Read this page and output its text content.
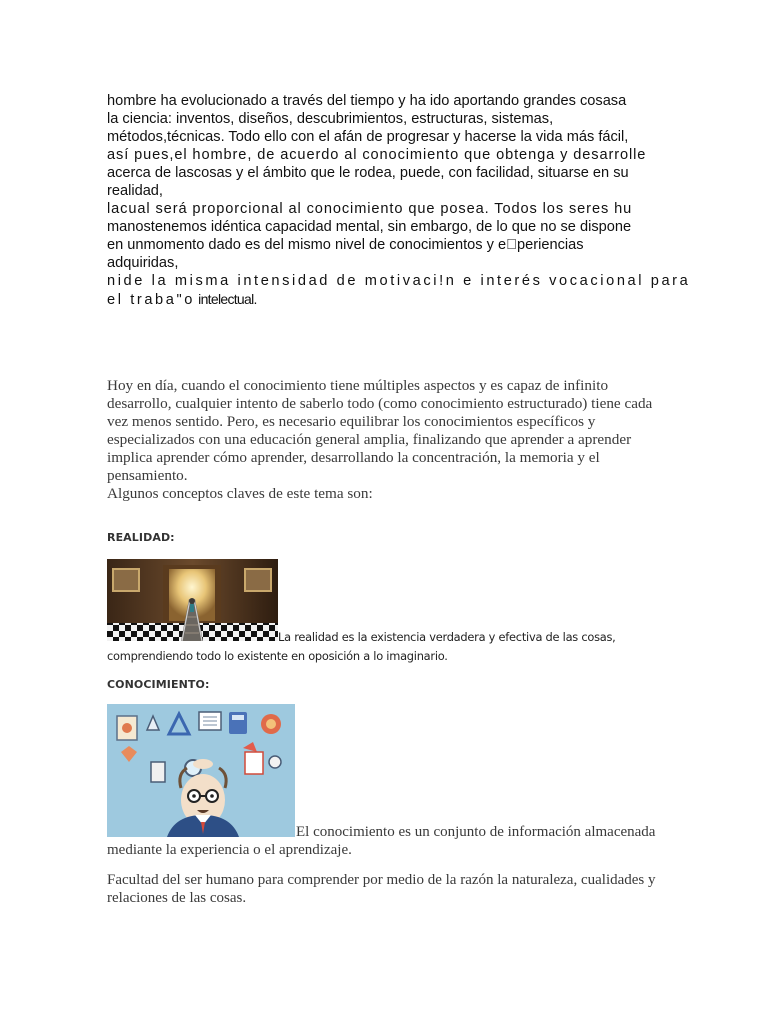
hombre ha evolucionado a través del tiempo y ha ido aportando grandes cosasa
la ciencia: inventos, diseños, descubrimientos, estructuras, sistemas,
métodos,técnicas. Todo ello con el afán de progresar y hacerse la vida más fácil,
así pues,el hombre, de acuerdo al conocimiento que obtenga y desarrolle
acerca de lascosas y el ámbito que le rodea, puede, con facilidad, situarse en su
realidad,
lacual será proporcional al conocimiento que posea. Todos los seres hu
manostenemos idéntica capacidad mental, sin embargo, de lo que no se dispone
en unmomento dado es del mismo nivel de conocimientos y e periencias
adquiridas,
nide la misma intensidad de motivaci!n e interés vocacional para
el traba"o intelectual.
Hoy en día, cuando el conocimiento tiene múltiples aspectos y es capaz de infinito
desarrollo, cualquier intento de saberlo todo (como conocimiento estructurado) tiene cada
vez menos sentido. Pero, es necesario equilibrar los conocimientos específicos y
especializados con una educación general amplia, finalizando que aprender a aprender
implica aprender cómo aprender, desarrollando la concentración, la memoria y el
pensamiento.
Algunos conceptos claves de este tema son:
REALIDAD:
La realidad es la existencia verdadera y efectiva de las cosas,
comprendiendo todo lo existente en oposición a lo imaginario.
CONOCIMIENTO:
El conocimiento es un conjunto de información almacenada
mediante la experiencia o el aprendizaje.
Facultad del ser humano para comprender por medio de la razón la naturaleza, cualidades y
relaciones de las cosas.
